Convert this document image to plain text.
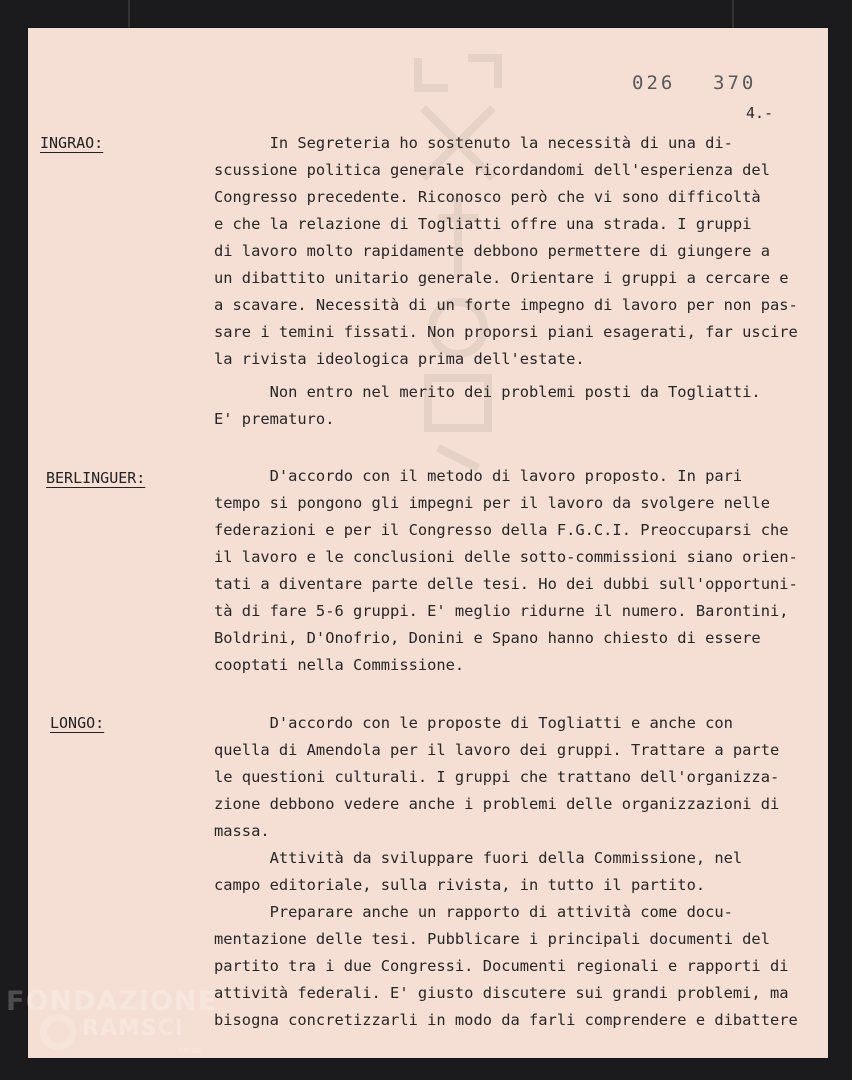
026 370
4.-
INGRAO:	In Segreteria ho sostenuto la necessità di una di-
scussione politica generale ricordandomi dell'esperienza del
Congresso precedente. Riconosco però che vi sono difficoltà
e che la relazione di Togliatti offre una strada. I gruppi
di lavoro molto rapidamente debbono permettere di giungere a
un dibattito unitario generale. Orientare i gruppi a cercare e
a scavare. Necessità di un forte impegno di lavoro per non pas-
sare i temini fissati. Non proporsi piani esagerati, far uscire
la rivista ideologica prima dell'estate.
Non entro nel merito dei problemi posti da Togliatti.
E' prematuro.
BERLINGUER:	D'accordo con il metodo di lavoro proposto. In pari
tempo si pongono gli impegni per il lavoro da svolgere nelle
federazioni e per il Congresso della F.G.C.I. Preoccuparsi che
il lavoro e le conclusioni delle sotto-commissioni siano orien-
tati a diventare parte delle tesi. Ho dei dubbi sull'opportuni-
tà di fare 5-6 gruppi. E' meglio ridurne il numero. Barontini,
Boldrini, D'Onofrio, Donini e Spano hanno chiesto di essere
cooptati nella Commissione.
LONGO:	D'accordo con le proposte di Togliatti e anche con
quella di Amendola per il lavoro dei gruppi. Trattare a parte
le questioni culturali. I gruppi che trattano dell'organizza-
zione debbono vedere anche i problemi delle organizzazioni di
massa.
Attività da sviluppare fuori della Commissione, nel
campo editoriale, sulla rivista, in tutto il partito.
Preparare anche un rapporto di attività come docu-
mentazione delle tesi. Pubblicare i principali documenti del
partito tra i due Congressi. Documenti regionali e rapporti di
attività federali. E' giusto discutere sui grandi problemi, ma
bisogna concretizzarli in modo da farli comprendere e dibattere
FONDAZIONE
RAMSCI
onlus
